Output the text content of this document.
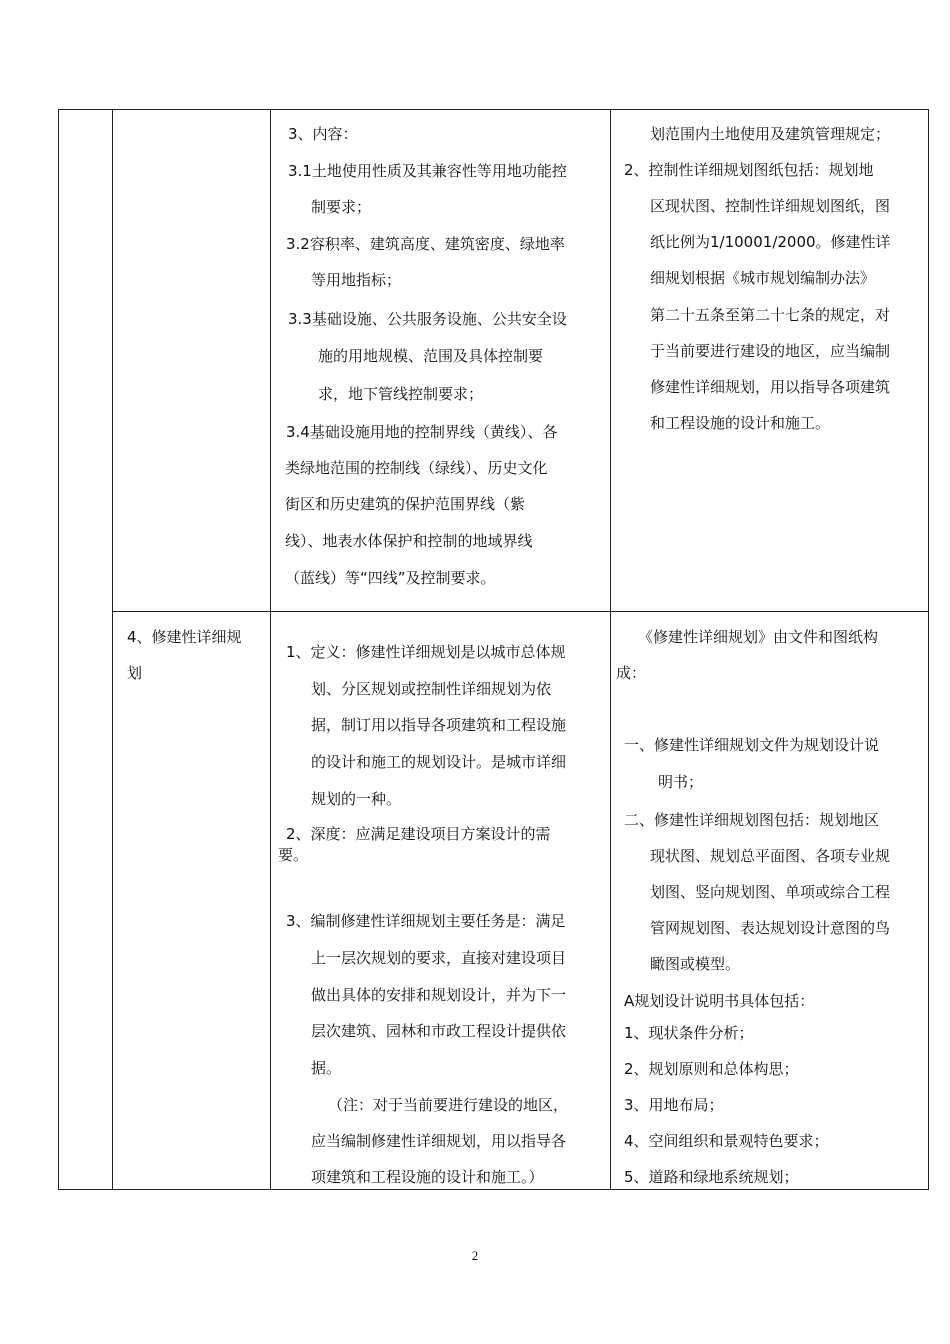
3、内容：
3.1土地使用性质及其兼容性等用地功能控
制要求；
3.2容积率、建筑高度、建筑密度、绿地率
等用地指标；
3.3基础设施、公共服务设施、公共安全设
施的用地规模、范围及具体控制要
求，地下管线控制要求；
3.4基础设施用地的控制界线（黄线）、各
类绿地范围的控制线（绿线）、历史文化
街区和历史建筑的保护范围界线（紫
线）、地表水体保护和控制的地域界线
（蓝线）等“四线”及控制要求。
划范围内土地使用及建筑管理规定；
2、控制性详细规划图纸包括：规划地
区现状图、控制性详细规划图纸，图
纸比例为1/10001/2000。修建性详
细规划根据《城市规划编制办法》
第二十五条至第二十七条的规定，对
于当前要进行建设的地区，应当编制
修建性详细规划，用以指导各项建筑
和工程设施的设计和施工。
4、修建性详细规
划
1、定义：修建性详细规划是以城市总体规
划、分区规划或控制性详细规划为依
据，制订用以指导各项建筑和工程设施
的设计和施工的规划设计。是城市详细
规划的一种。
2、深度：应满足建设项目方案设计的需
要。
3、编制修建性详细规划主要任务是：满足
上一层次规划的要求，直接对建设项目
做出具体的安排和规划设计，并为下一
层次建筑、园林和市政工程设计提供依
据。
（注：对于当前要进行建设的地区，
应当编制修建性详细规划，用以指导各
项建筑和工程设施的设计和施工。）
《修建性详细规划》由文件和图纸构
成：
一、修建性详细规划文件为规划设计说
明书；
二、修建性详细规划图包括：规划地区
现状图、规划总平面图、各项专业规
划图、竖向规划图、单项或综合工程
管网规划图、表达规划设计意图的鸟
瞰图或模型。
A规划设计说明书具体包括：
1、现状条件分析；
2、规划原则和总体构思；
3、用地布局；
4、空间组织和景观特色要求；
5、道路和绿地系统规划；
2
